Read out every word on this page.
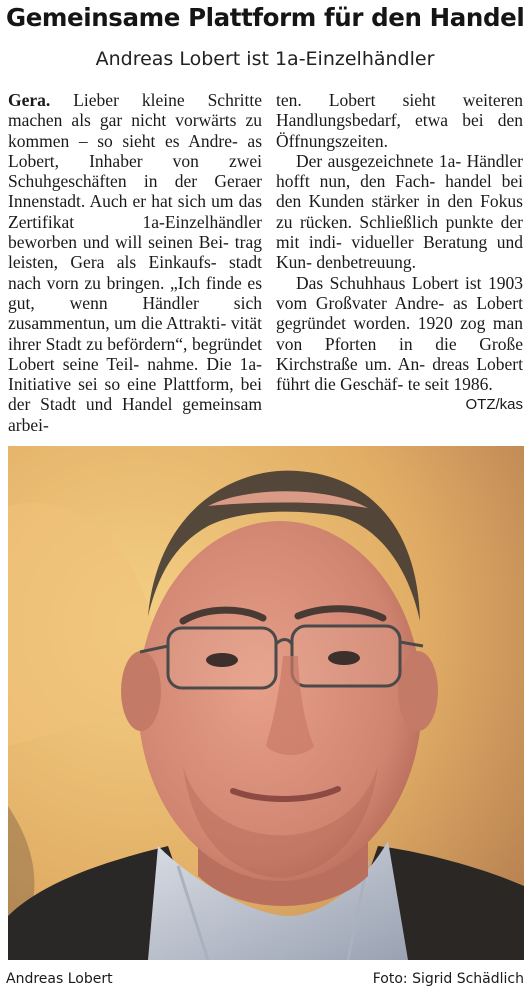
Gemeinsame Plattform für den Handel
Andreas Lobert ist 1a-Einzelhändler

Gera. Lieber kleine Schritte machen als gar nicht vorwärts zu kommen – so sieht es Andre- as Lobert, Inhaber von zwei Schuhgeschäften in der Geraer Innenstadt. Auch er hat sich um das Zertifikat 1a-Einzelhändler beworben und will seinen Bei- trag leisten, Gera als Einkaufs- stadt nach vorn zu bringen. „Ich finde es gut, wenn Händler sich zusammentun, um die Attrakti- vität ihrer Stadt zu befördern“, begründet Lobert seine Teil- nahme. Die 1a-Initiative sei so eine Plattform, bei der Stadt und Handel gemeinsam arbei-

ten. Lobert sieht weiteren Handlungsbedarf, etwa bei den Öffnungszeiten.

Der ausgezeichnete 1a- Händler hofft nun, den Fach- handel bei den Kunden stärker in den Fokus zu rücken. Schließlich punkte der mit indi- vidueller Beratung und Kun- denbetreuung.

Das Schuhhaus Lobert ist 1903 vom Großvater Andre- as Lobert gegründet worden. 1920 zog man von Pforten in die Große Kirchstraße um. An- dreas Lobert führt die Geschäf- te seit 1986.
OTZ/kas

Andreas Lobert	Foto: Sigrid Schädlich
